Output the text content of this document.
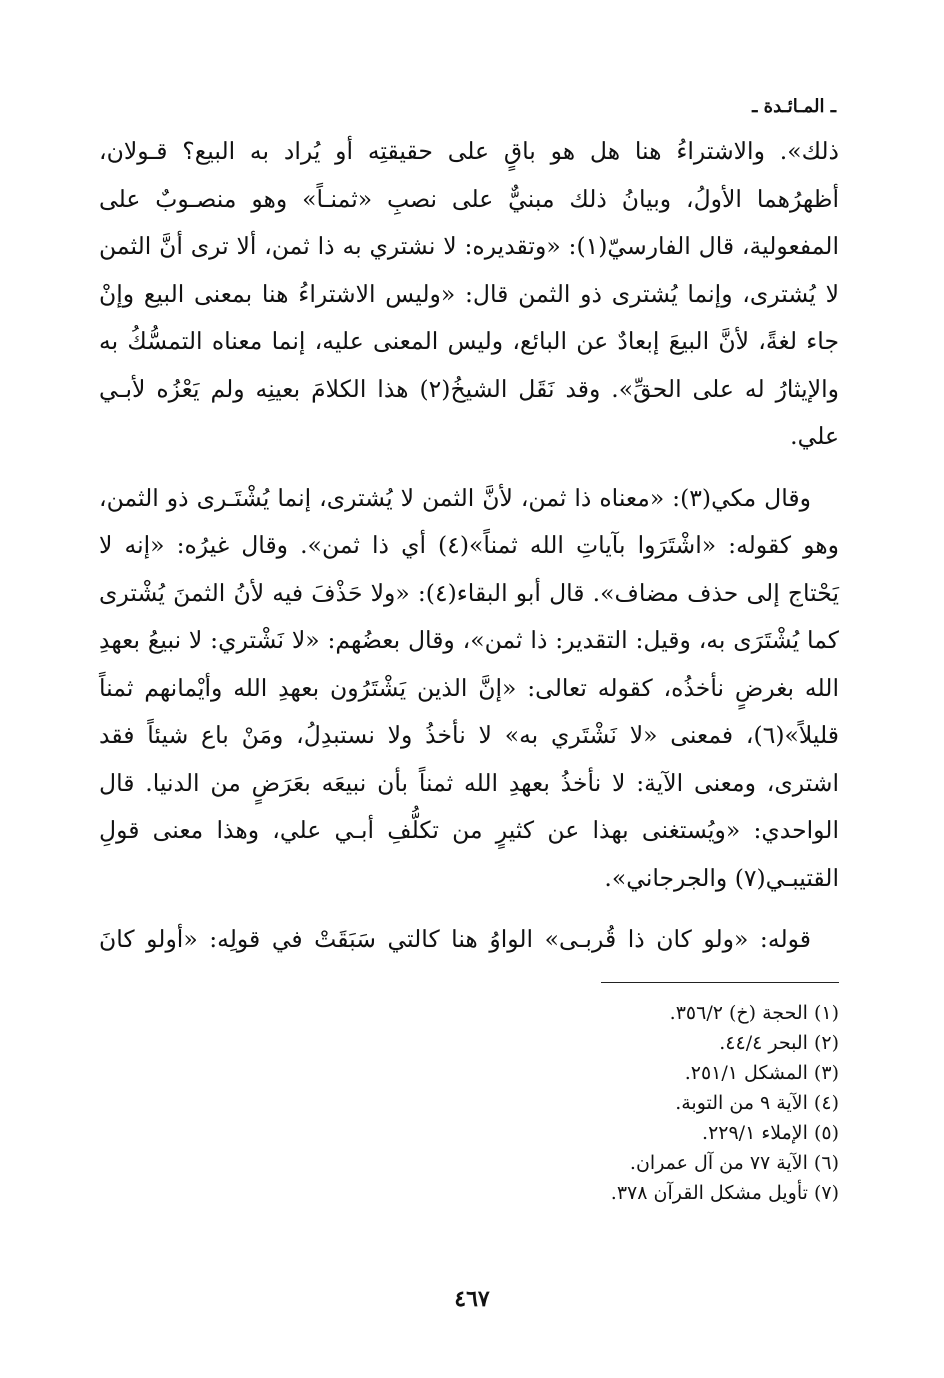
ـ المـائـدة ـ

ذلك». والاشتراءُ هنا هل هو باقٍ على حقيقتِه أو يُراد به البيع؟ قـولان، أظهرُهما الأولُ، وبيانُ ذلك مبنيٌّ على نصبِ «ثمنـاً» وهو منصـوبٌ على المفعولية، قال الفارسيّ(١): «وتقديره: لا نشتري به ذا ثمن، ألا ترى أنَّ الثمن لا يُشترى، وإنما يُشترى ذو الثمن قال: «وليس الاشتراءُ هنا بمعنى البيع وإنْ جاء لغةً، لأنَّ البيعَ إبعادٌ عن البائع، وليس المعنى عليه، إنما معناه التمسُّكُ به والإيثارُ له على الحقِّ». وقد نَقَل الشيخُ(٢) هذا الكلامَ بعينِه ولم يَعْزُه لأبـي علي.

وقال مكي(٣): «معناه ذا ثمن، لأنَّ الثمن لا يُشترى، إنما يُشْتَـرى ذو الثمن، وهو كقوله: «اشْتَرَوا بآياتِ الله ثمناً»(٤) أي ذا ثمن». وقال غيرُه: «إنه لا يَحْتاج إلى حذف مضاف». قال أبو البقاء(٤): «ولا حَذْفَ فيه لأنُ الثمنَ يُشْترى كما يُشْتَرَى به، وقيل: التقدير: ذا ثمن»، وقال بعضُهم: «لا نَشْتري: لا نبيعُ بعهدِ الله بغرضٍ نأخذُه، كقوله تعالى: «إنَّ الذين يَشْتَرُون بعهدِ الله وأيْمانهم ثمناً قليلاً»(٦)، فمعنى «لا نَشْتَري به» لا نأخذُ ولا نستبدِلُ، ومَنْ باع شيئاً فقد اشترى، ومعنى الآية: لا نأخذُ بعهدِ الله ثمناً بأن نبيعَه بعَرَضٍ من الدنيا. قال الواحدي: «ويُستغنى بهذا عن كثيرٍ من تكلُّفِ أبـي علي، وهذا معنى قولِ القتيبـي(٧) والجرجاني».

قوله: «ولو كان ذا قُربـى» الواوُ هنا كالتي سَبَقَتْ في قولِه: «أولو كانَ

(١) الحجة (خ) ٣٥٦/٢.
(٢) البحر ٤٤/٤.
(٣) المشكل ٢٥١/١.
(٤) الآية ٩ من التوبة.
(٥) الإملاء ٢٢٩/١.
(٦) الآية ٧٧ من آل عمران.
(٧) تأويل مشكل القرآن ٣٧٨.
٤٦٧
